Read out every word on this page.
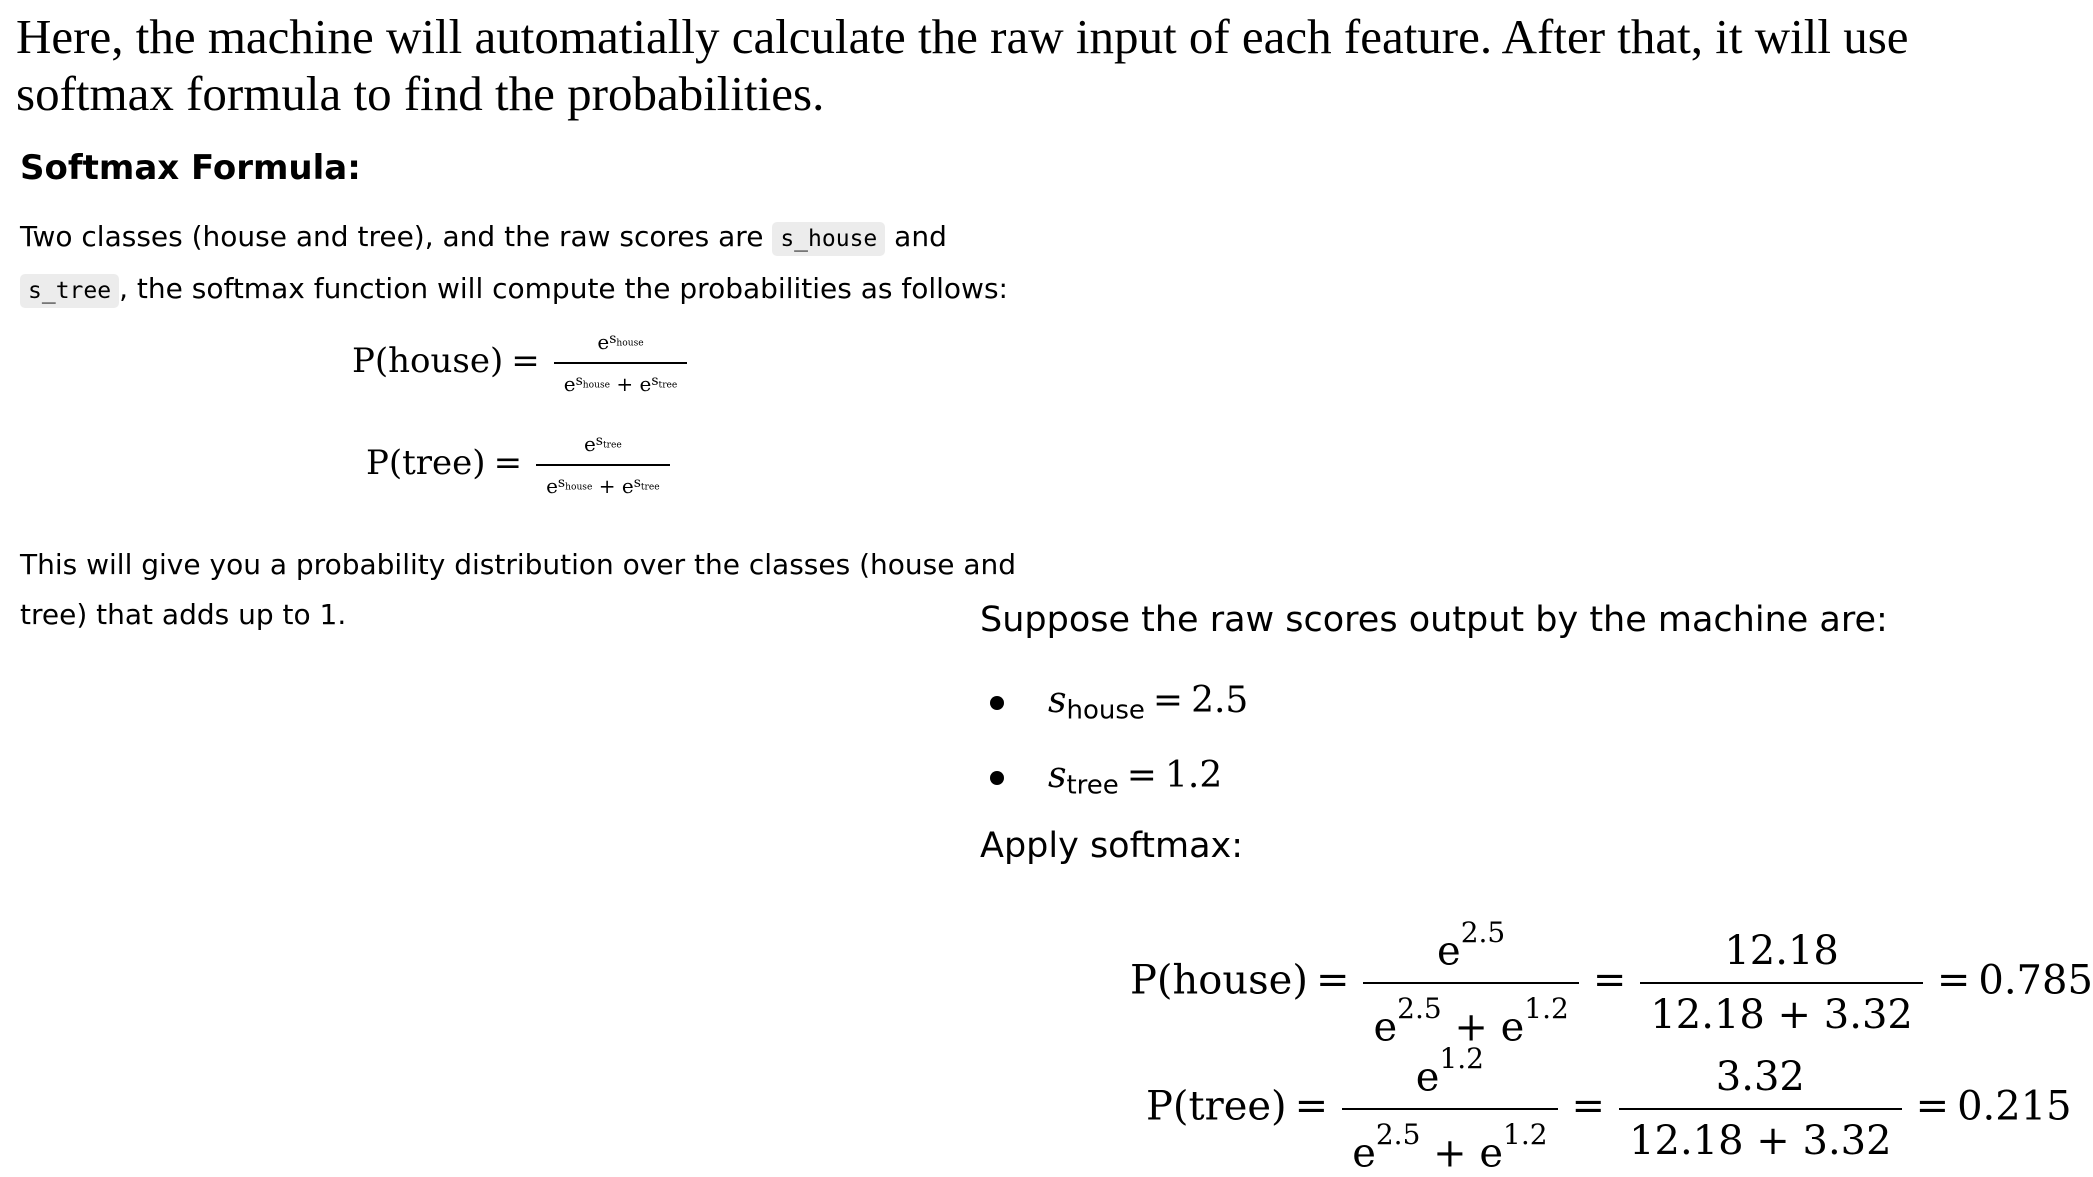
Here, the machine will automatially calculate the raw input of each feature. After that, it will use softmax formula to find the probabilities.

Softmax Formula:

Two classes (house and tree), and the raw scores are s_house and
s_tree , the softmax function will compute the probabilities as follows:

P(house) = $\frac{e^{s_{house}}}{e^{s_{house}} + e^{s_{tree}}}$
P(tree) = $\frac{e^{s_{tree}}}{e^{s_{house}} + e^{s_{tree}}}$

This will give you a probability distribution over the classes (house and tree) that adds up to 1.	Suppose the raw scores output by the machine are:

$s_{house} = 2.5$
$s_{tree} = 1.2$

Apply softmax:

P(house) = $\frac{e^{2.5}}{e^{2.5} + e^{1.2}} = \frac{12.18}{12.18 + 3.32} = 0.785$
P(tree) = $\frac{e^{1.2}}{e^{2.5} + e^{1.2}} = \frac{3.32}{12.18 + 3.32} = 0.215$
